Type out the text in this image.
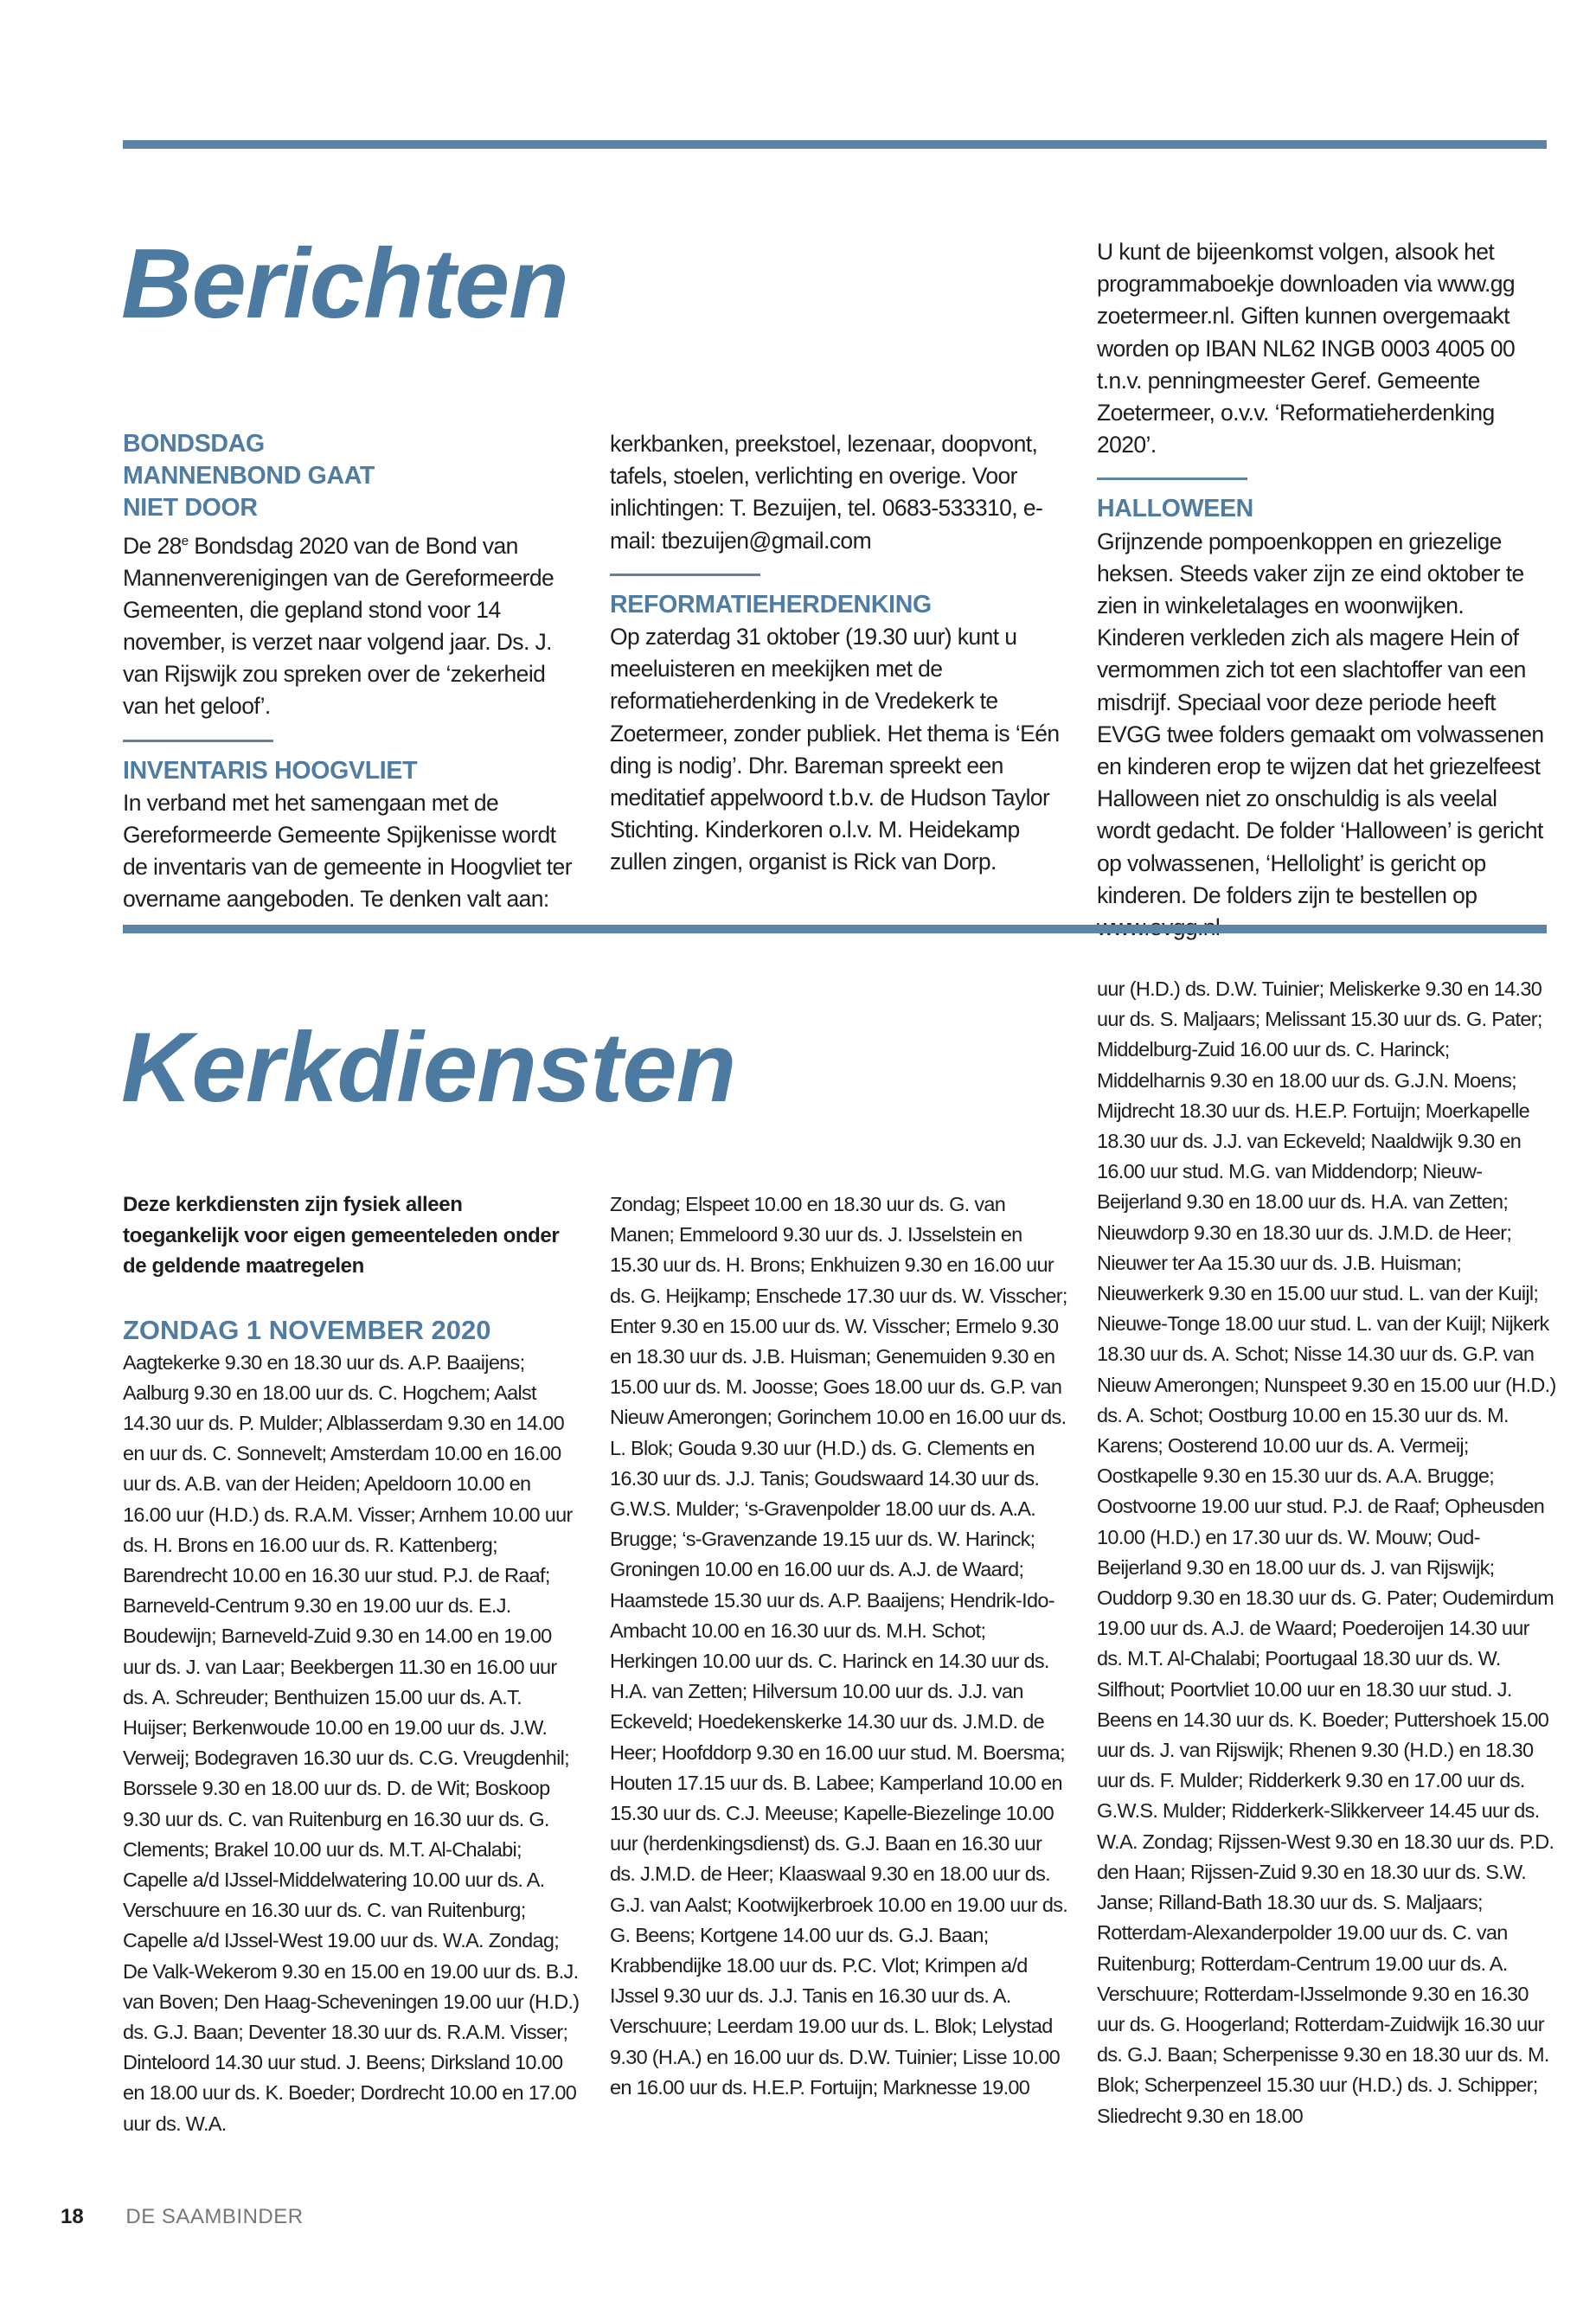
Berichten
BONDSDAG MANNENBOND GAAT NIET DOOR

De 28e Bondsdag 2020 van de Bond van Mannenverenigingen van de Gereformeerde Gemeenten, die gepland stond voor 14 november, is verzet naar volgend jaar. Ds. J. van Rijswijk zou spreken over de ‘zekerheid van het geloof’.

INVENTARIS HOOGVLIET

In verband met het samengaan met de Gereformeerde Gemeente Spijkenisse wordt de inventaris van de gemeente in Hoogvliet ter overname aangeboden. Te denken valt aan:

kerkbanken, preekstoel, lezenaar, doopvont, tafels, stoelen, verlichting en overige. Voor inlichtingen: T. Bezuijen, tel. 0683-533310, e-mail: tbezuijen@gmail.com

REFORMATIEHERDENKING

Op zaterdag 31 oktober (19.30 uur) kunt u meeluisteren en meekijken met de reformatieherdenking in de Vredekerk te Zoetermeer, zonder publiek. Het thema is ‘Eén ding is nodig’. Dhr. Bareman spreekt een meditatief appelwoord t.b.v. de Hudson Taylor Stichting. Kinderkoren o.l.v. M. Heidekamp zullen zingen, organist is Rick van Dorp.

U kunt de bijeenkomst volgen, alsook het programmaboekje downloaden via www.gg zoetermeer.nl. Giften kunnen overgemaakt worden op IBAN NL62 INGB 0003 4005 00 t.n.v. penningmeester Geref. Gemeente Zoetermeer, o.v.v. ‘Reformatieherdenking 2020’.

HALLOWEEN

Grijnzende pompoenkoppen en griezelige heksen. Steeds vaker zijn ze eind oktober te zien in winkeletalages en woonwijken. Kinderen verkleden zich als magere Hein of vermommen zich tot een slachtoffer van een misdrijf. Speciaal voor deze periode heeft EVGG twee folders gemaakt om volwassenen en kinderen erop te wijzen dat het griezelfeest Halloween niet zo onschuldig is als veelal wordt gedacht. De folder ‘Halloween’ is gericht op volwassenen, ‘Hellolight’ is gericht op kinderen. De folders zijn te bestellen op

Kerkdiensten

Deze kerkdiensten zijn fysiek alleen toegankelijk voor eigen gemeenteleden onder de geldende maatregelen

ZONDAG 1 NOVEMBER 2020

Aagtekerke 9.30 en 18.30 uur ds. A.P. Baaijens; Aalburg 9.30 en 18.00 uur ds. C. Hogchem; Aalst 14.30 uur ds. P. Mulder; Alblasserdam 9.30 en 14.00 en uur ds. C. Sonnevelt; Amsterdam 10.00 en 16.00 uur ds. A.B. van der Heiden; Apeldoorn 10.00 en 16.00 uur (H.D.) ds. R.A.M. Visser; Arnhem 10.00 uur ds. H. Brons en 16.00 uur ds. R. Kattenberg; Barendrecht 10.00 en 16.30 uur stud. P.J. de Raaf; Barneveld-Centrum 9.30 en 19.00 uur ds. E.J. Boudewijn; Barneveld-Zuid 9.30 en 14.00 en 19.00 uur ds. J. van Laar; Beekbergen 11.30 en 16.00 uur ds. A. Schreuder; Benthuizen 15.00 uur ds. A.T. Huijser; Berkenwoude 10.00 en 19.00 uur ds. J.W. Verweij; Bodegraven 16.30 uur ds. C.G. Vreugdenhil; Borssele 9.30 en 18.00 uur ds. D. de Wit; Boskoop 9.30 uur ds. C. van Ruitenburg en 16.30 uur ds. G. Clements; Brakel 10.00 uur ds. M.T. Al-Chalabi; Capelle a/d IJssel-Middelwatering 10.00 uur ds. A. Verschuure en 16.30 uur ds. C. van Ruitenburg; Capelle a/d IJssel-West 19.00 uur ds. W.A. Zondag; De Valk-Wekerom 9.30 en 15.00 en 19.00 uur ds. B.J. van Boven; Den Haag-Scheveningen 19.00 uur (H.D.) ds. G.J. Baan; Deventer 18.30 uur ds. R.A.M. Visser; Dinteloord 14.30 uur stud. J. Beens; Dirksland 10.00 en 18.00 uur ds. K. Boeder; Dordrecht 10.00 en 17.00 uur ds. W.A.

Zondag; Elspeet 10.00 en 18.30 uur ds. G. van Manen; Emmeloord 9.30 uur ds. J. IJsselstein en 15.30 uur ds. H. Brons; Enkhuizen 9.30 en 16.00 uur ds. G. Heijkamp; Enschede 17.30 uur ds. W. Visscher; Enter 9.30 en 15.00 uur ds. W. Visscher; Ermelo 9.30 en 18.30 uur ds. J.B. Huisman; Genemuiden 9.30 en 15.00 uur ds. M. Joosse; Goes 18.00 uur ds. G.P. van Nieuw Amerongen; Gorinchem 10.00 en 16.00 uur ds. L. Blok; Gouda 9.30 uur (H.D.) ds. G. Clements en 16.30 uur ds. J.J. Tanis; Goudswaard 14.30 uur ds. G.W.S. Mulder; ‘s-Gravenpolder 18.00 uur ds. A.A. Brugge; ‘s-Gravenzande 19.15 uur ds. W. Harinck; Groningen 10.00 en 16.00 uur ds. A.J. de Waard; Haamstede 15.30 uur ds. A.P. Baaijens; Hendrik-Ido-Ambacht 10.00 en 16.30 uur ds. M.H. Schot; Herkingen 10.00 uur ds. C. Harinck en 14.30 uur ds. H.A. van Zetten; Hilversum 10.00 uur ds. J.J. van Eckeveld; Hoedekenskerke 14.30 uur ds. J.M.D. de Heer; Hoofddorp 9.30 en 16.00 uur stud. M. Boersma; Houten 17.15 uur ds. B. Labee; Kamperland 10.00 en 15.30 uur ds. C.J. Meeuse; Kapelle-Biezelinge 10.00 uur (herdenkingsdienst) ds. G.J. Baan en 16.30 uur ds. J.M.D. de Heer; Klaaswaal 9.30 en 18.00 uur ds. G.J. van Aalst; Kootwijkerbroek 10.00 en 19.00 uur ds. G. Beens; Kortgene 14.00 uur ds. G.J. Baan; Krabbendijke 18.00 uur ds. P.C. Vlot; Krimpen a/d IJssel 9.30 uur ds. J.J. Tanis en 16.30 uur ds. A. Verschuure; Leerdam 19.00 uur ds. L. Blok; Lelystad 9.30 (H.A.) en 16.00 uur ds. D.W. Tuinier; Lisse 10.00 en 16.00 uur ds. H.E.P. Fortuijn; Marknesse 19.00

uur (H.D.) ds. D.W. Tuinier; Meliskerke 9.30 en 14.30 uur ds. S. Maljaars; Melissant 15.30 uur ds. G. Pater; Middelburg-Zuid 16.00 uur ds. C. Harinck; Middelharnis 9.30 en 18.00 uur ds. G.J.N. Moens; Mijdrecht 18.30 uur ds. H.E.P. Fortuijn; Moerkapelle 18.30 uur ds. J.J. van Eckeveld; Naaldwijk 9.30 en 16.00 uur stud. M.G. van Middendorp; Nieuw-Beijerland 9.30 en 18.00 uur ds. H.A. van Zetten; Nieuwdorp 9.30 en 18.30 uur ds. J.M.D. de Heer; Nieuwer ter Aa 15.30 uur ds. J.B. Huisman; Nieuwerkerk 9.30 en 15.00 uur stud. L. van der Kuijl; Nieuwe-Tonge 18.00 uur stud. L. van der Kuijl; Nijkerk 18.30 uur ds. A. Schot; Nisse 14.30 uur ds. G.P. van Nieuw Amerongen; Nunspeet 9.30 en 15.00 uur (H.D.) ds. A. Schot; Oostburg 10.00 en 15.30 uur ds. M. Karens; Oosterend 10.00 uur ds. A. Vermeij; Oostkapelle 9.30 en 15.30 uur ds. A.A. Brugge; Oostvoorne 19.00 uur stud. P.J. de Raaf; Opheusden 10.00 (H.D.) en 17.30 uur ds. W. Mouw; Oud-Beijerland 9.30 en 18.00 uur ds. J. van Rijswijk; Ouddorp 9.30 en 18.30 uur ds. G. Pater; Oudemirdum 19.00 uur ds. A.J. de Waard; Poederoijen 14.30 uur ds. M.T. Al-Chalabi; Poortugaal 18.30 uur ds. W. Silfhout; Poortvliet 10.00 uur en 18.30 uur stud. J. Beens en 14.30 uur ds. K. Boeder; Puttershoek 15.00 uur ds. J. van Rijswijk; Rhenen 9.30 (H.D.) en 18.30 uur ds. F. Mulder; Ridderkerk 9.30 en 17.00 uur ds. G.W.S. Mulder; Ridderkerk-Slikkerveer 14.45 uur ds. W.A. Zondag; Rijssen-West 9.30 en 18.30 uur ds. P.D. den Haan; Rijssen-Zuid 9.30 en 18.30 uur ds. S.W. Janse; Rilland-Bath 18.30 uur ds. S. Maljaars; Rotterdam-Alexanderpolder 19.00 uur ds. C. van Ruitenburg; Rotterdam-Centrum 19.00 uur ds. A. Verschuure; Rotterdam-IJsselmonde 9.30 en 16.30 uur ds. G. Hoogerland; Rotterdam-Zuidwijk 16.30 uur ds. G.J. Baan; Scherpenisse 9.30 en 18.30 uur ds. M. Blok; Scherpenzeel 15.30 uur (H.D.) ds. J. Schipper; Sliedrecht 9.30 en 18.00

18 DE SAAMBINDER
